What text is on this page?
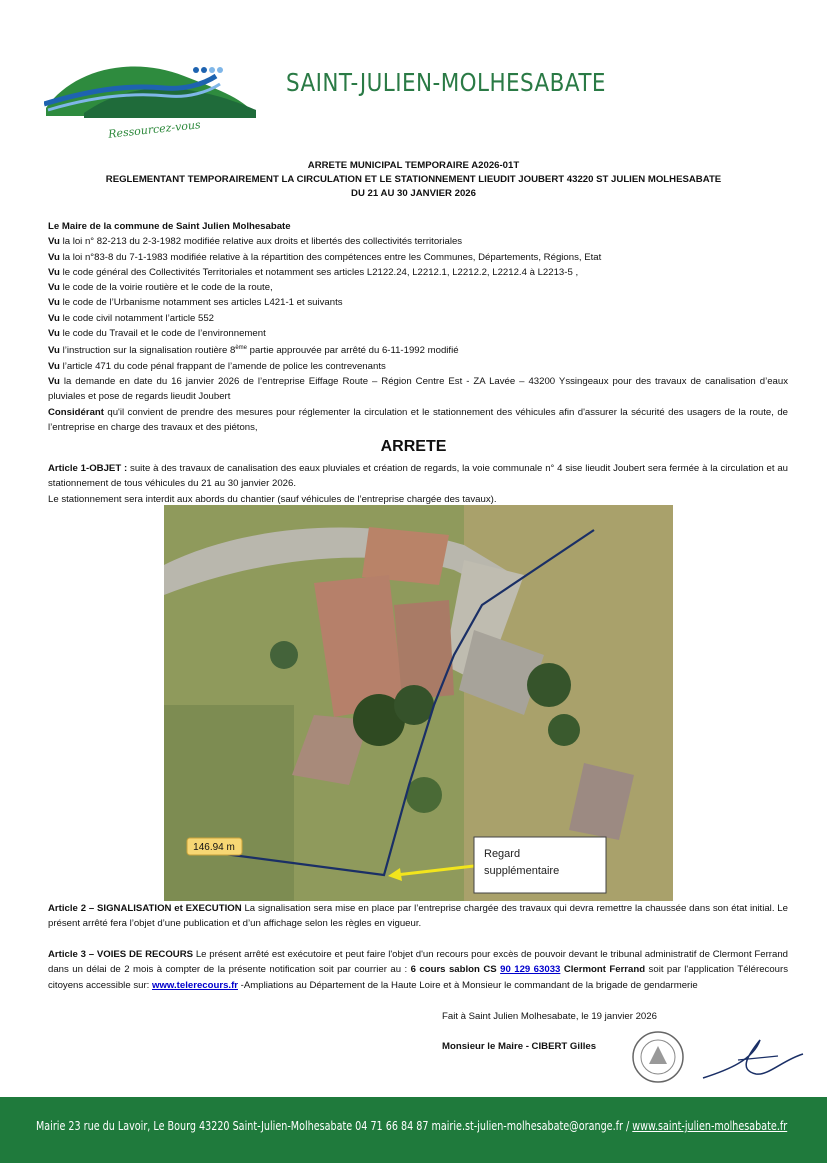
SAINT-JULIEN-MOLHESABATE
Ressourcez-vous
ARRETE MUNICIPAL TEMPORAIRE A2026-01T
REGLEMENTANT TEMPORAIREMENT LA CIRCULATION ET LE STATIONNEMENT LIEUDIT JOUBERT 43220 ST JULIEN MOLHESABATE
DU 21 AU 30 JANVIER 2026

Le Maire de la commune de Saint Julien Molhesabate

Vu la loi n° 82-213 du 2-3-1982 modifiée relative aux droits et libertés des collectivités territoriales

Vu la loi n°83-8 du 7-1-1983 modifiée relative à la répartition des compétences entre les Communes, Départements, Régions, Etat

Vu le code général des Collectivités Territoriales et notamment ses articles L2122.24, L2212.1, L2212.2, L2212.4 à L2213-5 ,

Vu le code de la voirie routière et le code de la route,

Vu le code de l’Urbanisme notamment ses articles L421-1 et suivants

Vu le code civil notamment l’article 552

Vu le code du Travail et le code de l’environnement

Vu l’instruction sur la signalisation routière 8ème partie approuvée par arrêté du 6-11-1992 modifié

Vu l’article 471 du code pénal frappant de l’amende de police les contrevenants

Vu la demande en date du 16 janvier 2026 de l’entreprise Eiffage Route – Région Centre Est - ZA Lavée – 43200 Yssingeaux pour des travaux de canalisation d’eaux pluviales et pose de regards lieudit Joubert

Considérant qu'il convient de prendre des mesures pour réglementer la circulation et le stationnement des véhicules afin d'assurer la sécurité des usagers de la route, de l’entreprise en charge des travaux et des piétons,

ARRETE

Article 1-OBJET : suite à des travaux de canalisation des eaux pluviales et création de regards, la voie communale n° 4 sise lieudit Joubert sera fermée à la circulation et au stationnement de tous véhicules du 21 au 30 janvier 2026.

Le stationnement sera interdit aux abords du chantier (sauf véhicules de l’entreprise chargée des tavaux).

146.94 m
Regard
supplémentaire

Article 2 – SIGNALISATION et EXECUTION La signalisation sera mise en place par l’entreprise chargée des travaux qui devra remettre la chaussée dans son état initial. Le présent arrêté fera l’objet d’une publication et d’un affichage selon les règles en vigueur.

Article 3 – VOIES DE RECOURS Le présent arrêté est exécutoire et peut faire l'objet d'un recours pour excès de pouvoir devant le tribunal administratif de Clermont Ferrand dans un délai de 2 mois à compter de la présente notification soit par courrier au : 6 cours sablon CS 90 129 63033 Clermont Ferrand soit par l'application Télérecours citoyens accessible sur: www.telerecours.fr -Ampliations au Département de la Haute Loire et à Monsieur le commandant de la brigade de gendarmerie

Fait à Saint Julien Molhesabate, le 19 janvier 2026
Monsieur le Maire - CIBERT Gilles
Mairie 23 rue du Lavoir, Le Bourg 43220 Saint-Julien-Molhesabate 04 71 66 84 87 mairie.st-julien-molhesabate@orange.fr / www.saint-julien-molhesabate.fr
